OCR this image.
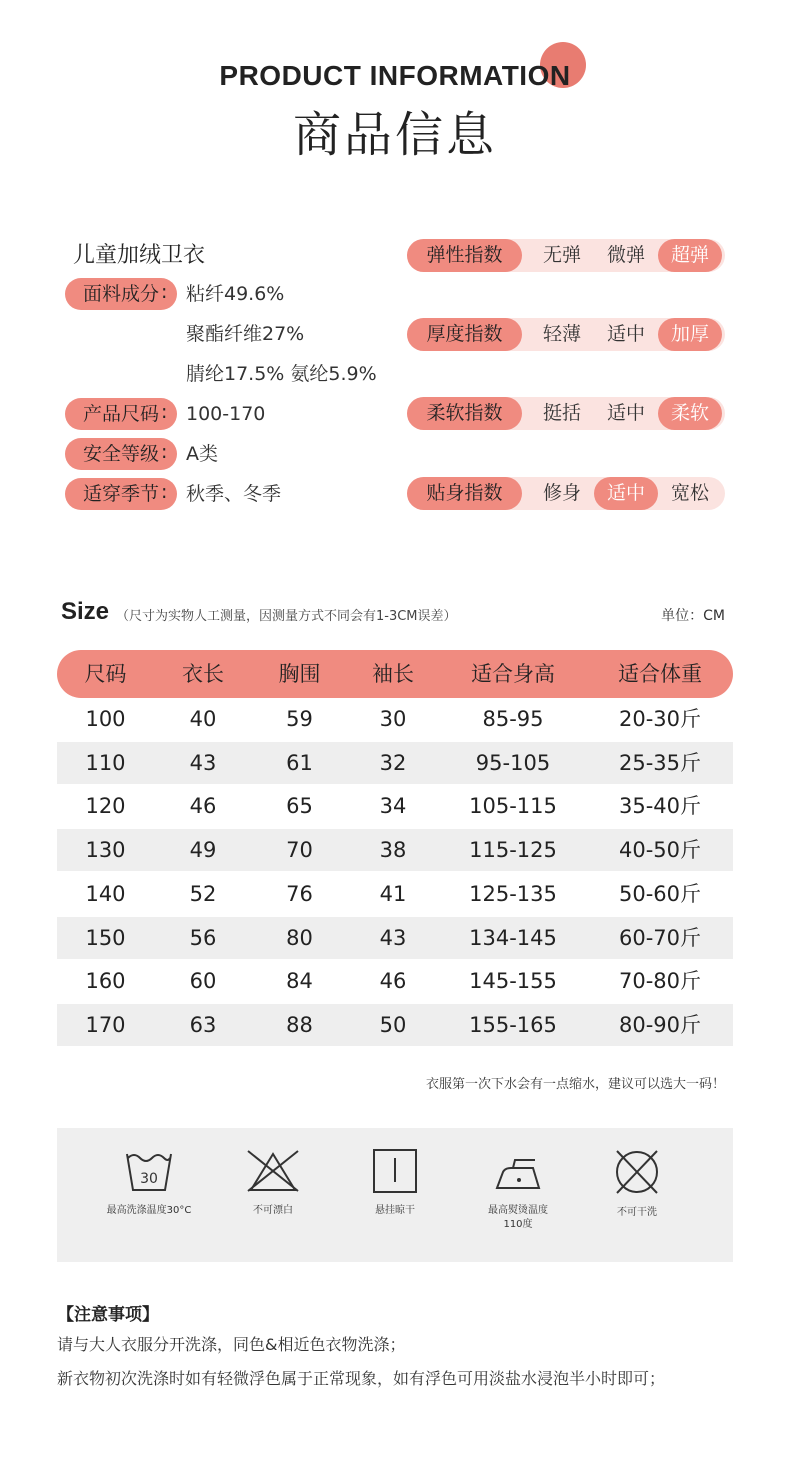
PRODUCT INFORMATION
商品信息
儿童加绒卫衣
面料成分	粘纤49.6%
聚酯纤维27%
腈纶17.5% 氨纶5.9%
产品尺码	100-170
安全等级	A类
适穿季节	秋季、冬季
弹性指数	无弹	微弹	超弹
厚度指数	轻薄	适中	加厚
柔软指数	挺括	适中	柔软
贴身指数	修身	适中	宽松
Size （尺寸为实物人工测量，因测量方式不同会有1-3CM误差）	单位：CM
尺码	衣长	胸围	袖长	适合身高	适合体重
100	40	59	30	85-95	20-30斤
110	43	61	32	95-105	25-35斤
120	46	65	34	105-115	35-40斤
130	49	70	38	115-125	40-50斤
140	52	76	41	125-135	50-60斤
150	56	80	43	134-145	60-70斤
160	60	84	46	145-155	70-80斤
170	63	88	50	155-165	80-90斤
衣服第一次下水会有一点缩水，建议可以选大一码！
30
最高洗涤温度30°C	不可漂白	悬挂晾干	最高熨烫温度
110度
不可干洗
【注意事项】
请与大人衣服分开洗涤，同色&相近色衣物洗涤；
新衣物初次洗涤时如有轻微浮色属于正常现象，如有浮色可用淡盐水浸泡半小时即可；
:
:
:
:
